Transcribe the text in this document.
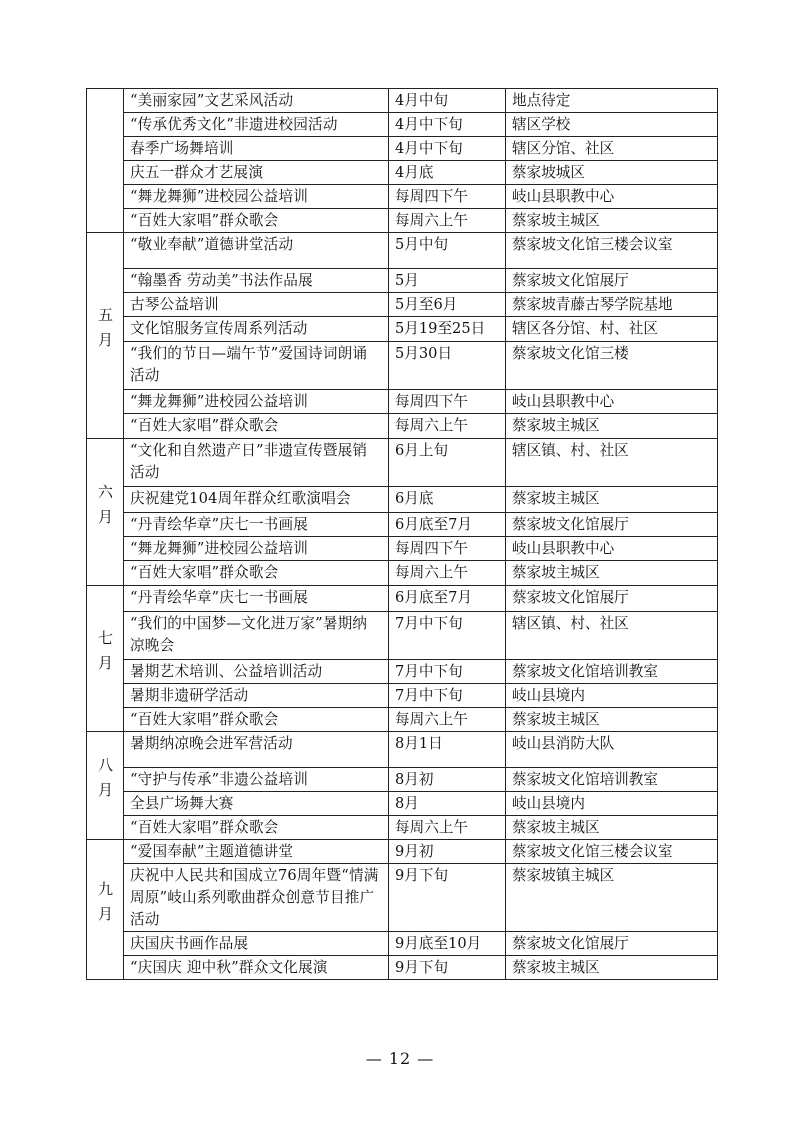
	“美丽家园”文艺采风活动	4月中旬	地点待定
	“传承优秀文化”非遗进校园活动	4月中下旬	辖区学校
	春季广场舞培训	4月中下旬	辖区分馆、社区
	庆五一群众才艺展演	4月底	蔡家坡城区
	“舞龙舞狮”进校园公益培训	每周四下午	岐山县职教中心
	“百姓大家唱”群众歌会	每周六上午	蔡家坡主城区
五月	“敬业奉献”道德讲堂活动	5月中旬	蔡家坡文化馆三楼会议室
	“翰墨香 劳动美”书法作品展	5月	蔡家坡文化馆展厅
	古琴公益培训	5月至6月	蔡家坡青藤古琴学院基地
	文化馆服务宣传周系列活动	5月19至25日	辖区各分馆、村、社区
	“我们的节日—端午节”爱国诗词朗诵活动	5月30日	蔡家坡文化馆三楼
	“舞龙舞狮”进校园公益培训	每周四下午	岐山县职教中心
	“百姓大家唱”群众歌会	每周六上午	蔡家坡主城区
六月	“文化和自然遗产日”非遗宣传暨展销活动	6月上旬	辖区镇、村、社区
	庆祝建党104周年群众红歌演唱会	6月底	蔡家坡主城区
	“丹青绘华章”庆七一书画展	6月底至7月	蔡家坡文化馆展厅
	“舞龙舞狮”进校园公益培训	每周四下午	岐山县职教中心
	“百姓大家唱”群众歌会	每周六上午	蔡家坡主城区
七月	“丹青绘华章”庆七一书画展	6月底至7月	蔡家坡文化馆展厅
	“我们的中国梦—文化进万家”暑期纳凉晚会	7月中下旬	辖区镇、村、社区
	暑期艺术培训、公益培训活动	7月中下旬	蔡家坡文化馆培训教室
	暑期非遗研学活动	7月中下旬	岐山县境内
	“百姓大家唱”群众歌会	每周六上午	蔡家坡主城区
八月	暑期纳凉晚会进军营活动	8月1日	岐山县消防大队
	“守护与传承”非遗公益培训	8月初	蔡家坡文化馆培训教室
	全县广场舞大赛	8月	岐山县境内
	“百姓大家唱”群众歌会	每周六上午	蔡家坡主城区
九月	“爱国奉献”主题道德讲堂	9月初	蔡家坡文化馆三楼会议室
	庆祝中人民共和国成立76周年暨“情满周原”岐山系列歌曲群众创意节目推广活动	9月下旬	蔡家坡镇主城区
	庆国庆书画作品展	9月底至10月	蔡家坡文化馆展厅
	“庆国庆 迎中秋”群众文化展演	9月下旬	蔡家坡主城区
— 12 —
